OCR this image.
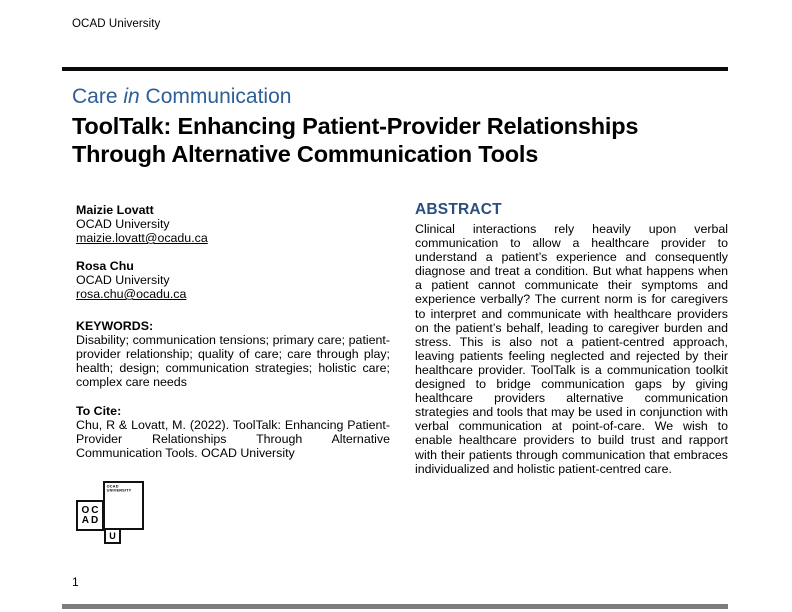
OCAD University
Care in Communication
ToolTalk: Enhancing Patient-Provider Relationships
Through Alternative Communication Tools
Maizie Lovatt
OCAD University
maizie.lovatt@ocadu.ca
Rosa Chu
OCAD University
rosa.chu@ocadu.ca
KEYWORDS:

Disability; communication tensions; primary care; patient-provider relationship; quality of care; care through play; health; design; communication strategies; holistic care; complex care needs

To Cite:

Chu, R & Lovatt, M. (2022). ToolTalk: Enhancing Patient-Provider Relationships Through Alternative Communication Tools. OCAD University

OCAD
UNIVERSITY
OC
AD
U
ABSTRACT

Clinical interactions rely heavily upon verbal communication to allow a healthcare provider to understand a patient’s experience and consequently diagnose and treat a condition. But what happens when a patient cannot communicate their symptoms and experience verbally? The current norm is for caregivers to interpret and communicate with healthcare providers on the patient’s behalf, leading to caregiver burden and stress. This is also not a patient-centred approach, leaving patients feeling neglected and rejected by their healthcare provider. ToolTalk is a communication toolkit designed to bridge communication gaps by giving healthcare providers alternative communication strategies and tools that may be used in conjunction with verbal communication at point-of-care. We wish to enable healthcare providers to build trust and rapport with their patients through communication that embraces individualized and holistic patient-centred care.

1
